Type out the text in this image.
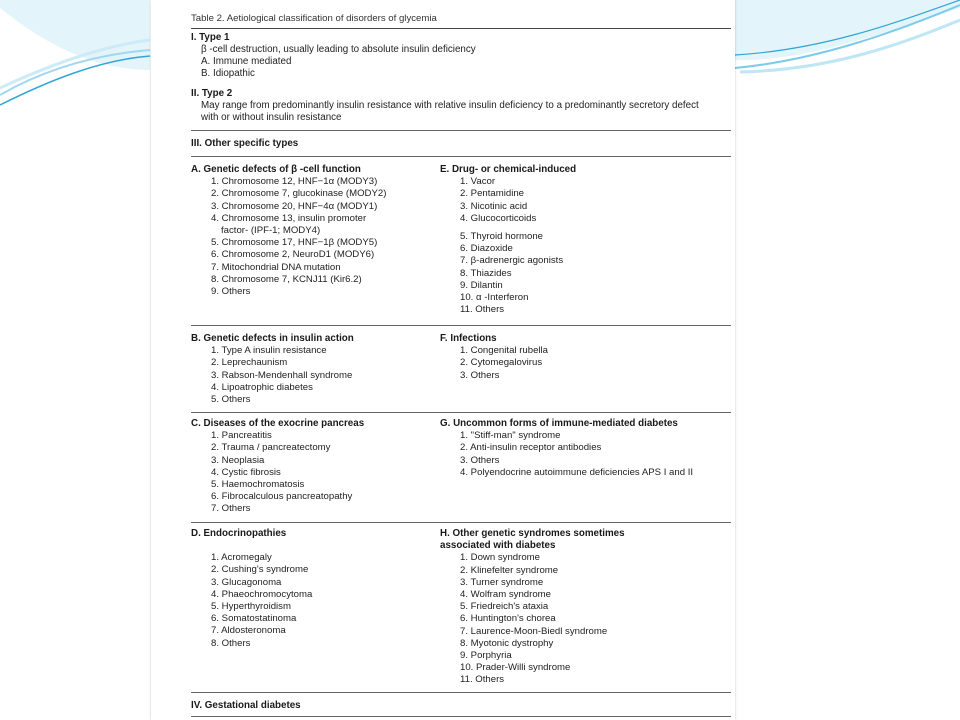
Table 2. Aetiological classification of disorders of glycemia
I. Type 1
β -cell destruction, usually leading to absolute insulin deficiency
A. Immune mediated
B. Idiopathic
II. Type 2
May range from predominantly insulin resistance with relative insulin deficiency to a predominantly secretory defect
with or without insulin resistance
III. Other specific types
A. Genetic defects of β -cell function
1. Chromosome 12, HNF−1α (MODY3)
2. Chromosome 7, glucokinase (MODY2)
3. Chromosome 20, HNF−4α (MODY1)
4. Chromosome 13, insulin promoter
factor- (IPF-1; MODY4)
5. Chromosome 17, HNF−1β (MODY5)
6. Chromosome 2, NeuroD1 (MODY6)
7. Mitochondrial DNA mutation
8. Chromosome 7, KCNJ11 (Kir6.2)
9. Others
E. Drug- or chemical-induced
1. Vacor
2. Pentamidine
3. Nicotinic acid
4. Glucocorticoids
5. Thyroid hormone
6. Diazoxide
7. β-adrenergic agonists
8. Thiazides
9. Dilantin
10. α -Interferon
11. Others
B. Genetic defects in insulin action
1. Type A insulin resistance
2. Leprechaunism
3. Rabson-Mendenhall syndrome
4. Lipoatrophic diabetes
5. Others
F. Infections
1. Congenital rubella
2. Cytomegalovirus
3. Others
C. Diseases of the exocrine pancreas
1. Pancreatitis
2. Trauma / pancreatectomy
3. Neoplasia
4. Cystic fibrosis
5. Haemochromatosis
6. Fibrocalculous pancreatopathy
7. Others
G. Uncommon forms of immune-mediated diabetes
1. "Stiff-man" syndrome
2. Anti-insulin receptor antibodies
3. Others
4. Polyendocrine autoimmune deficiencies APS I and II
D. Endocrinopathies
1. Acromegaly
2. Cushing's syndrome
3. Glucagonoma
4. Phaeochromocytoma
5. Hyperthyroidism
6. Somatostatinoma
7. Aldosteronoma
8. Others
H. Other genetic syndromes sometimes
associated with diabetes
1. Down syndrome
2. Klinefelter syndrome
3. Turner syndrome
4. Wolfram syndrome
5. Friedreich's ataxia
6. Huntington's chorea
7. Laurence-Moon-Biedl syndrome
8. Myotonic dystrophy
9. Porphyria
10. Prader-Willi syndrome
11. Others
IV. Gestational diabetes
